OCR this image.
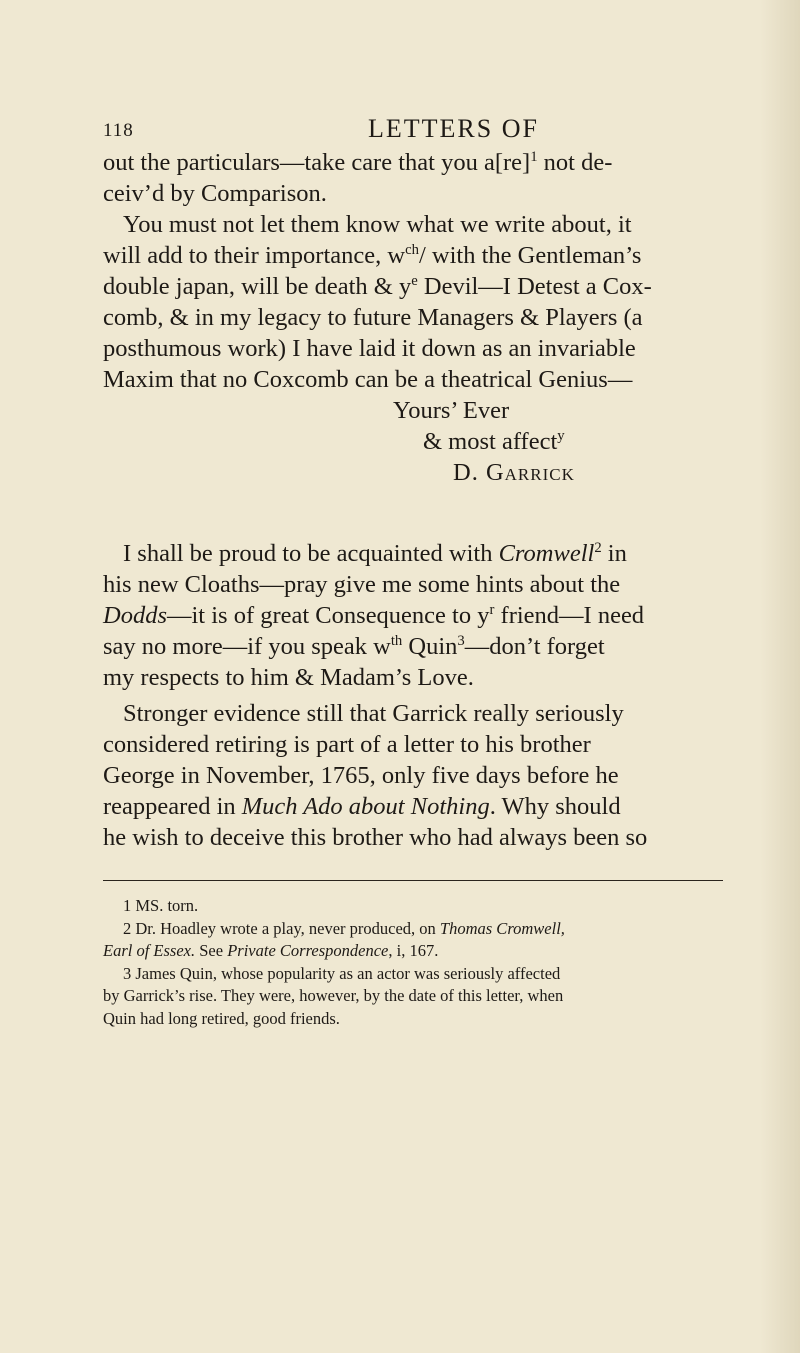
118	LETTERS OF
out the particulars—take care that you a[re]$^1$ not de-
ceiv’d by Comparison.
You must not let them know what we write about, it
will add to their importance, $w^{ch}/$ with the Gentleman’s
double japan, will be death & $y^e$ Devil—I Detest a Cox-
comb, & in my legacy to future Managers & Players (a
posthumous work) I have laid it down as an invariable
Maxim that no Coxcomb can be a theatrical Genius—
Yours’ Ever
& most affect$^y$
D. Garrick
I shall be proud to be acquainted with Cromwell$^2$ in
his new Cloaths—pray give me some hints about the
Dodds—it is of great Consequence to $y^r$ friend—I need
say no more—if you speak $w^{th}$ Quin$^3$—don’t forget
my respects to him & Madam’s Love.
Stronger evidence still that Garrick really seriously
considered retiring is part of a letter to his brother
George in November, 1765, only five days before he
reappeared in Much Ado about Nothing. Why should
he wish to deceive this brother who had always been so
1 MS. torn.
2 Dr. Hoadley wrote a play, never produced, on Thomas Cromwell,
Earl of Essex. See Private Correspondence, i, 167.
3 James Quin, whose popularity as an actor was seriously affected
by Garrick’s rise. They were, however, by the date of this letter, when
Quin had long retired, good friends.
